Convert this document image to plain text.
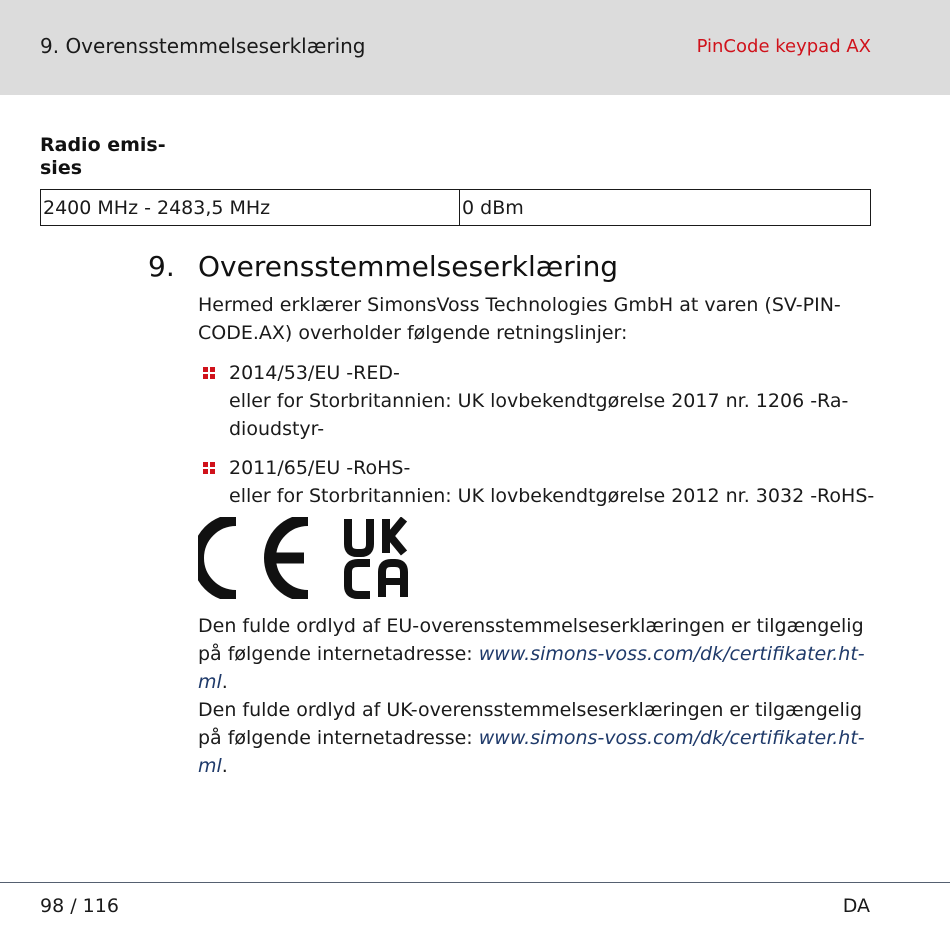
9. Overensstemmelseserklæring	PinCode keypad AX
Radio emis-
sies
2400 MHz - 2483,5 MHz	0 dBm
9. Overensstemmelseserklæring
Hermed erklærer SimonsVoss Technologies GmbH at varen (SV-PIN-
CODE.AX) overholder følgende retningslinjer:
2014/53/EU -RED-
eller for Storbritannien: UK lovbekendtgørelse 2017 nr. 1206 -Ra-
dioudstyr-
2011/65/EU -RoHS-
eller for Storbritannien: UK lovbekendtgørelse 2012 nr. 3032 -RoHS-
Den fulde ordlyd af EU-overensstemmelseserklæringen er tilgængelig
på følgende internetadresse: www.simons-voss.com/dk/certifikater.ht-
ml.
Den fulde ordlyd af UK-overensstemmelseserklæringen er tilgængelig
på følgende internetadresse: www.simons-voss.com/dk/certifikater.ht-
ml.
98 / 116	DA
